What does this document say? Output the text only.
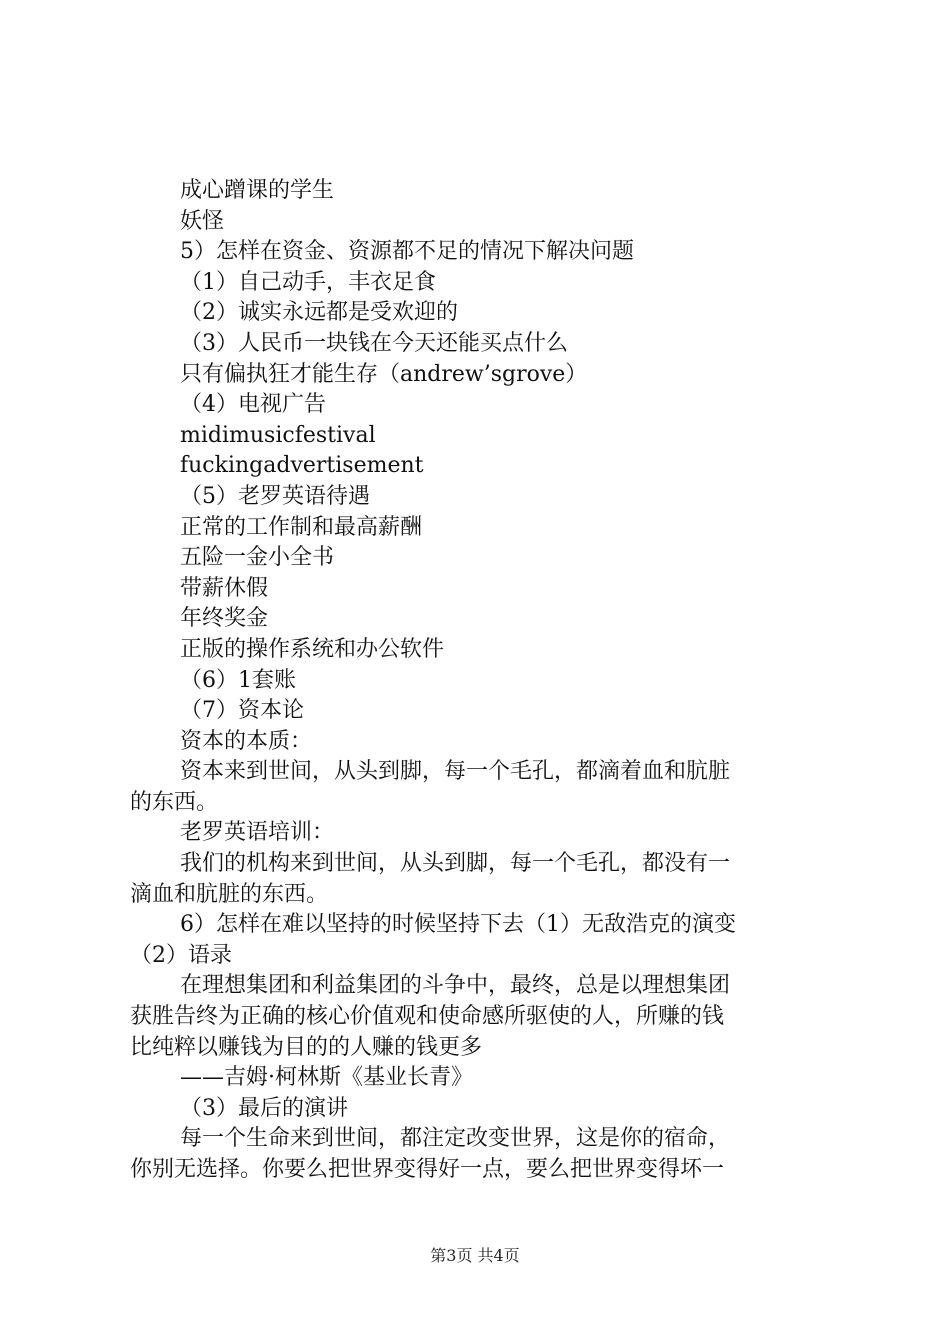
成心蹭课的学生
妖怪
5）怎样在资金、资源都不足的情况下解决问题
（1）自己动手，丰衣足食
（2）诚实永远都是受欢迎的
（3）人民币一块钱在今天还能买点什么
只有偏执狂才能生存（andrew’sgrove）
（4）电视广告
midimusicfestival
fuckingadvertisement
（5）老罗英语待遇
正常的工作制和最高薪酬
五险一金小全书
带薪休假
年终奖金
正版的操作系统和办公软件
（6）1套账
（7）资本论
资本的本质：
资本来到世间，从头到脚，每一个毛孔，都滴着血和肮脏
的东西。
老罗英语培训：
我们的机构来到世间，从头到脚，每一个毛孔，都没有一
滴血和肮脏的东西。
6）怎样在难以坚持的时候坚持下去（1）无敌浩克的演变
（2）语录
在理想集团和利益集团的斗争中，最终，总是以理想集团
获胜告终为正确的核心价值观和使命感所驱使的人，所赚的钱
比纯粹以赚钱为目的的人赚的钱更多
——吉姆·柯林斯《基业长青》
（3）最后的演讲
每一个生命来到世间，都注定改变世界，这是你的宿命，
你别无选择。你要么把世界变得好一点，要么把世界变得坏一
第3页 共4页
